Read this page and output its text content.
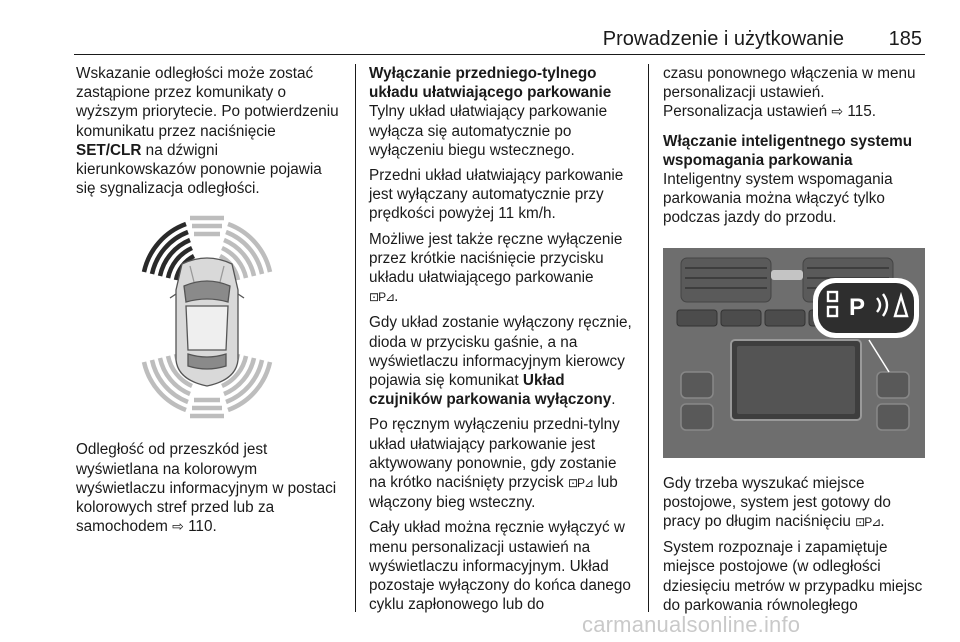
Prowadzenie i użytkowanie 185

Wskazanie odległości może zostać zastąpione przez komunikaty o wyższym priorytecie. Po potwierdzeniu komunikatu przez naciśnięcie SET/CLR na dźwigni kierunkowskazów ponownie pojawia się sygnalizacja odległości.

Odległość od przeszkód jest wyświetlana na kolorowym wyświetlaczu informacyjnym w postaci kolorowych stref przed lub za samochodem ⇨ 110.

Wyłączanie przedniego-tylnego układu ułatwiającego parkowanie

Tylny układ ułatwiający parkowanie wyłącza się automatycznie po wyłączeniu biegu wstecznego.

Przedni układ ułatwiający parkowanie jest wyłączany automatycznie przy prędkości powyżej 11 km/h.

Możliwe jest także ręczne wyłączenie przez krótkie naciśnięcie przycisku układu ułatwiającego parkowanie
⊡P⊿.

Gdy układ zostanie wyłączony ręcznie, dioda w przycisku gaśnie, a na wyświetlaczu informacyjnym kierowcy pojawia się komunikat Układ czujników parkowania wyłączony.

Po ręcznym wyłączeniu przedni-tylny układ ułatwiający parkowanie jest aktywowany ponownie, gdy zostanie na krótko naciśnięty przycisk ⊡P⊿ lub włączony bieg wsteczny.

Cały układ można ręcznie wyłączyć w menu personalizacji ustawień na wyświetlaczu informacyjnym. Układ pozostaje wyłączony do końca danego cyklu zapłonowego lub do

czasu ponownego włączenia w menu personalizacji ustawień.

Personalizacja ustawień ⇨ 115.

Włączanie inteligentnego systemu wspomagania parkowania

Inteligentny system wspomagania parkowania można włączyć tylko podczas jazdy do przodu.

P

Gdy trzeba wyszukać miejsce postojowe, system jest gotowy do pracy po długim naciśnięciu ⊡P⊿.

System rozpoznaje i zapamiętuje miejsce postojowe (w odległości dziesięciu metrów w przypadku miejsc do parkowania równoległego

carmanualsonline.info
